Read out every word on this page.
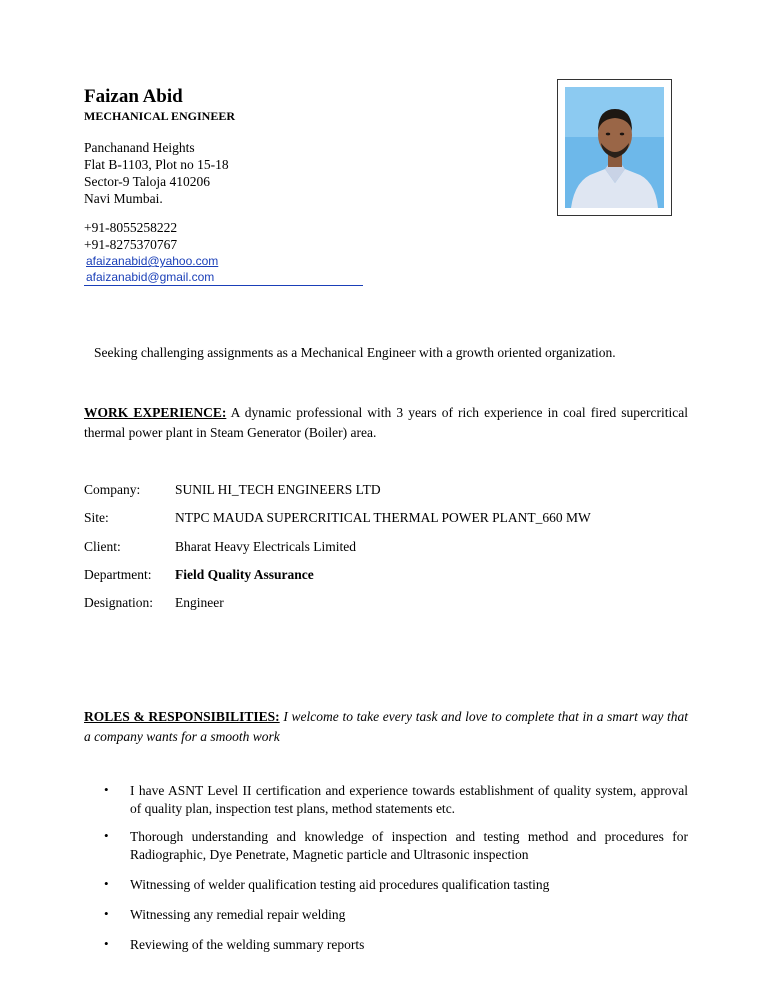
Faizan Abid
MECHANICAL ENGINEER
Panchanand Heights
Flat B-1103, Plot no 15-18
Sector-9 Taloja 410206
Navi Mumbai.
+91-8055258222
+91-8275370767
afaizanabid@yahoo.com
afaizanabid@gmail.com
Seeking challenging assignments as a Mechanical Engineer with a growth oriented organization.
WORK EXPERIENCE: A dynamic professional with 3 years of rich experience in coal fired supercritical thermal power plant in Steam Generator (Boiler) area.
Company:	SUNIL HI_TECH ENGINEERS LTD
Site:	NTPC MAUDA SUPERCRITICAL THERMAL POWER PLANT_660 MW
Client:	Bharat Heavy Electricals Limited
Department: Field Quality Assurance
Designation: Engineer
ROLES & RESPONSIBILITIES: I welcome to take every task and love to complete that in a smart way that a company wants for a smooth work
• I have ASNT Level II certification and experience towards establishment of quality system, approval of quality plan, inspection test plans, method statements etc.
• Thorough understanding and knowledge of inspection and testing method and procedures for Radiographic, Dye Penetrate, Magnetic particle and Ultrasonic inspection
• Witnessing of welder qualification testing aid procedures qualification tasting
• Witnessing any remedial repair welding
• Reviewing of the welding summary reports
